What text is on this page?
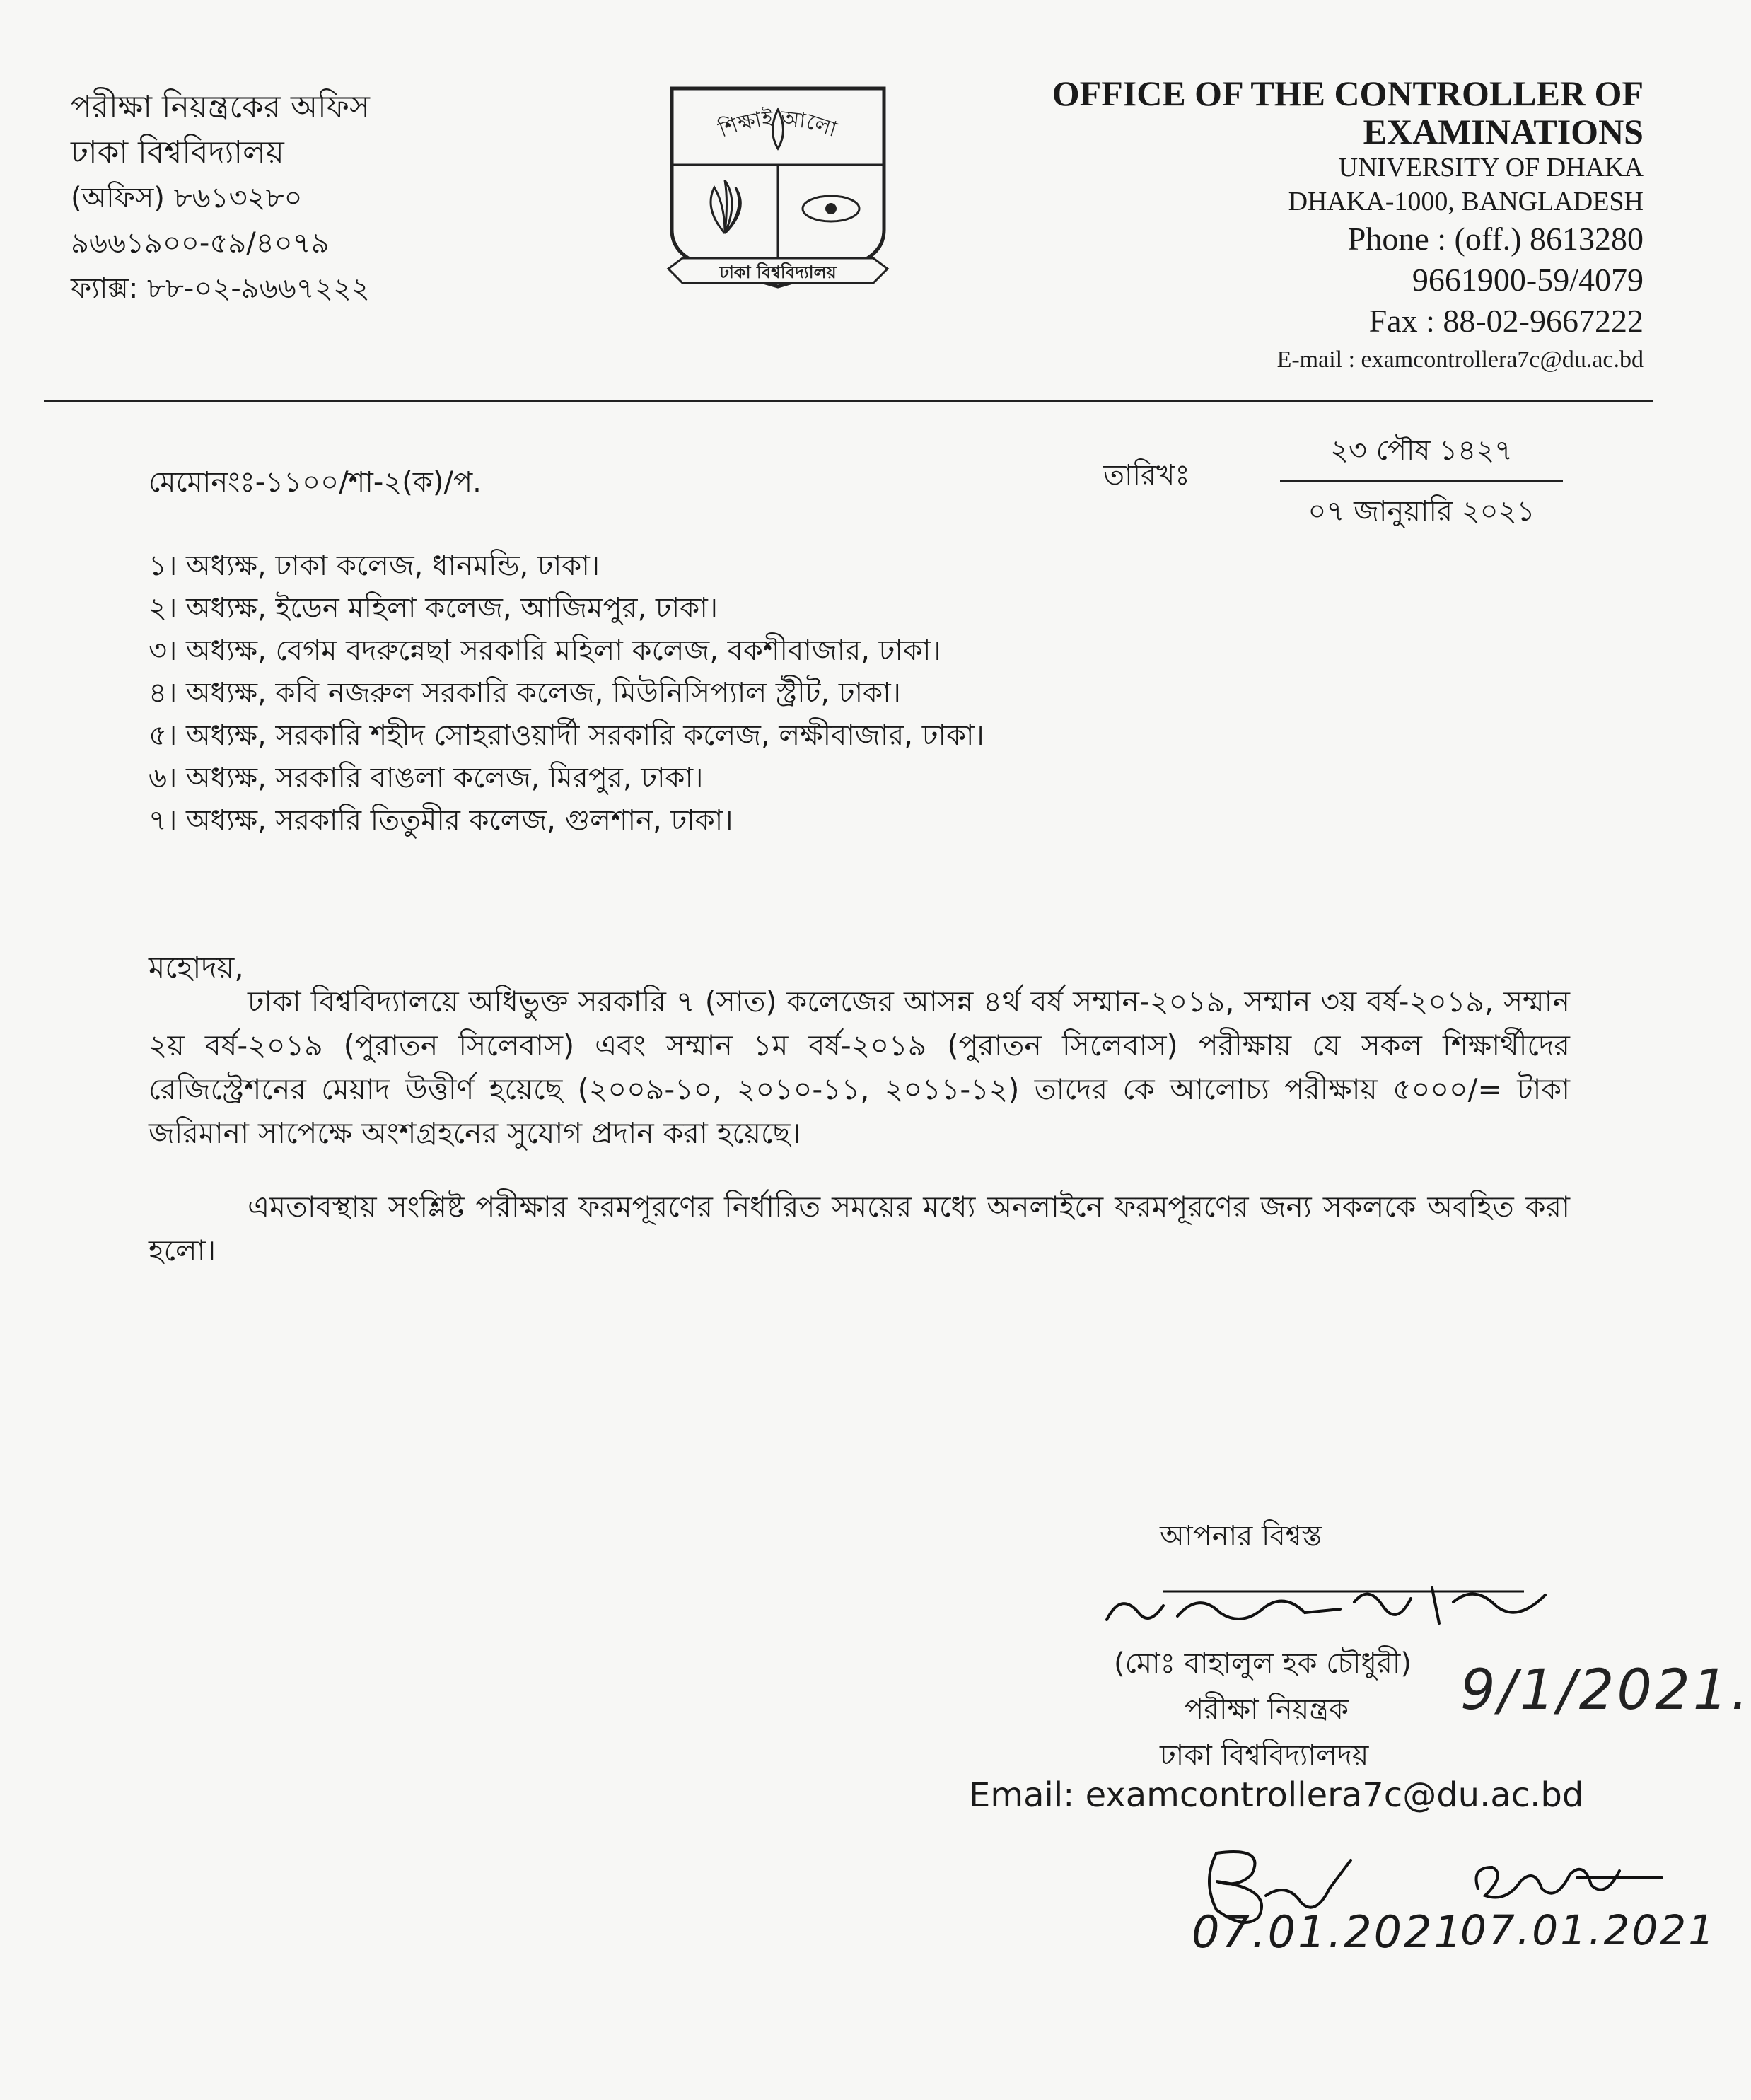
পরীক্ষা নিয়ন্ত্রকের অফিস
ঢাকা বিশ্ববিদ্যালয়
(অফিস) ৮৬১৩২৮০
৯৬৬১৯০০-৫৯/৪০৭৯
ফ্যাক্স: ৮৮-০২-৯৬৬৭২২২
শিক্ষাই আলো
ঢাকা বিশ্ববিদ্যালয়
OFFICE OF THE CONTROLLER OF
EXAMINATIONS
UNIVERSITY OF DHAKA
DHAKA-1000, BANGLADESH
Phone : (off.) 8613280
9661900-59/4079
Fax : 88-02-9667222
E-mail : examcontrollera7c@du.ac.bd
মেমোনংঃ-১১০০/শা-২(ক)/প.	তারিখঃ
২৩ পৌষ ১৪২৭
০৭ জানুয়ারি ২০২১
১। অধ্যক্ষ, ঢাকা কলেজ, ধানমন্ডি, ঢাকা।
২। অধ্যক্ষ, ইডেন মহিলা কলেজ, আজিমপুর, ঢাকা।
৩। অধ্যক্ষ, বেগম বদরুন্নেছা সরকারি মহিলা কলেজ, বকশীবাজার, ঢাকা।
৪। অধ্যক্ষ, কবি নজরুল সরকারি কলেজ, মিউনিসিপ্যাল স্ট্রীট, ঢাকা।
৫। অধ্যক্ষ, সরকারি শহীদ সোহরাওয়ার্দী সরকারি কলেজ, লক্ষীবাজার, ঢাকা।
৬। অধ্যক্ষ, সরকারি বাঙলা কলেজ, মিরপুর, ঢাকা।
৭। অধ্যক্ষ, সরকারি তিতুমীর কলেজ, গুলশান, ঢাকা।
মহোদয়,

ঢাকা বিশ্ববিদ্যালয়ে অধিভুক্ত সরকারি ৭ (সাত) কলেজের আসন্ন ৪র্থ বর্ষ সম্মান-২০১৯, সম্মান ৩য় বর্ষ-২০১৯, সম্মান ২য় বর্ষ-২০১৯ (পুরাতন সিলেবাস) এবং সম্মান ১ম বর্ষ-২০১৯ (পুরাতন সিলেবাস) পরীক্ষায় যে সকল শিক্ষার্থীদের রেজিস্ট্রেশনের মেয়াদ উত্তীর্ণ হয়েছে (২০০৯-১০, ২০১০-১১, ২০১১-১২) তাদের কে আলোচ্য পরীক্ষায় ৫০০০/= টাকা জরিমানা সাপেক্ষে অংশগ্রহনের সুযোগ প্রদান করা হয়েছে।

এমতাবস্থায় সংশ্লিষ্ট পরীক্ষার ফরমপূরণের নির্ধারিত সময়ের মধ্যে অনলাইনে ফরমপূরণের জন্য সকলকে অবহিত করা হলো।

আপনার বিশ্বস্ত
(মোঃ বাহালুল হক চৌধুরী)
পরীক্ষা নিয়ন্ত্রক
ঢাকা বিশ্ববিদ্যালদয়
9/1/2021.
Email: examcontrollera7c@du.ac.bd
07.01.2021
07.01.2021
